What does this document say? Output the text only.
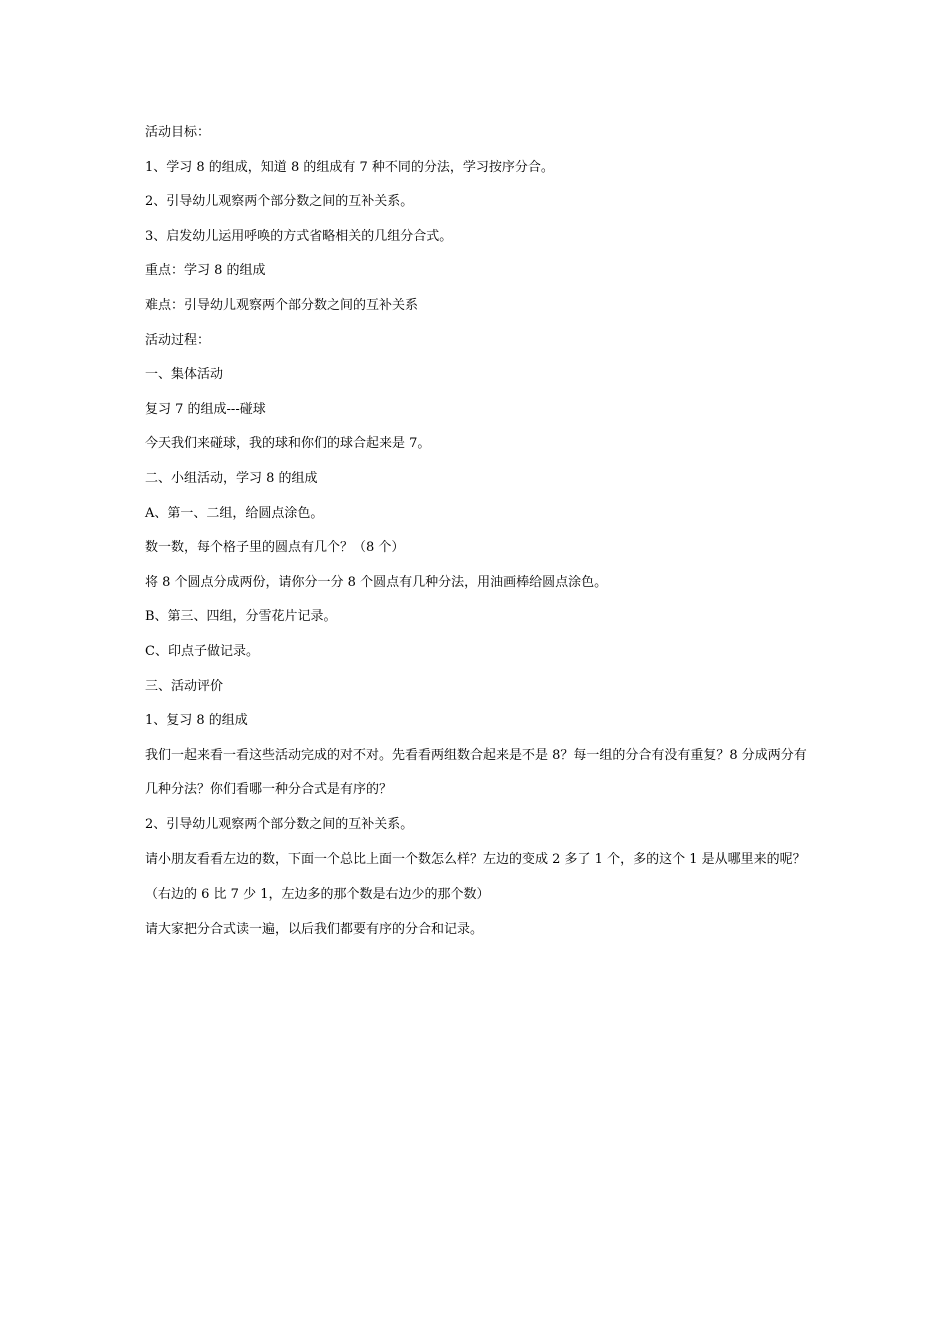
活动目标：

1、学习 8 的组成，知道 8 的组成有 7 种不同的分法，学习按序分合。

2、引导幼儿观察两个部分数之间的互补关系。

3、启发幼儿运用呼唤的方式省略相关的几组分合式。

重点：学习 8 的组成

难点：引导幼儿观察两个部分数之间的互补关系

活动过程：

一、集体活动

复习 7 的组成---碰球

今天我们来碰球，我的球和你们的球合起来是 7。

二、小组活动，学习 8 的组成

A、第一、二组，给圆点涂色。

数一数，每个格子里的圆点有几个？（8 个）

将 8 个圆点分成两份，请你分一分 8 个圆点有几种分法，用油画棒给圆点涂色。

B、第三、四组，分雪花片记录。

C、印点子做记录。

三、活动评价

1、复习 8 的组成

我们一起来看一看这些活动完成的对不对。先看看两组数合起来是不是 8？每一组的分合有没有重复？8 分成两分有几种分法？你们看哪一种分合式是有序的？

2、引导幼儿观察两个部分数之间的互补关系。

请小朋友看看左边的数，下面一个总比上面一个数怎么样？左边的变成 2 多了 1 个，多的这个 1 是从哪里来的呢？（右边的 6 比 7 少 1，左边多的那个数是右边少的那个数）

请大家把分合式读一遍，以后我们都要有序的分合和记录。
